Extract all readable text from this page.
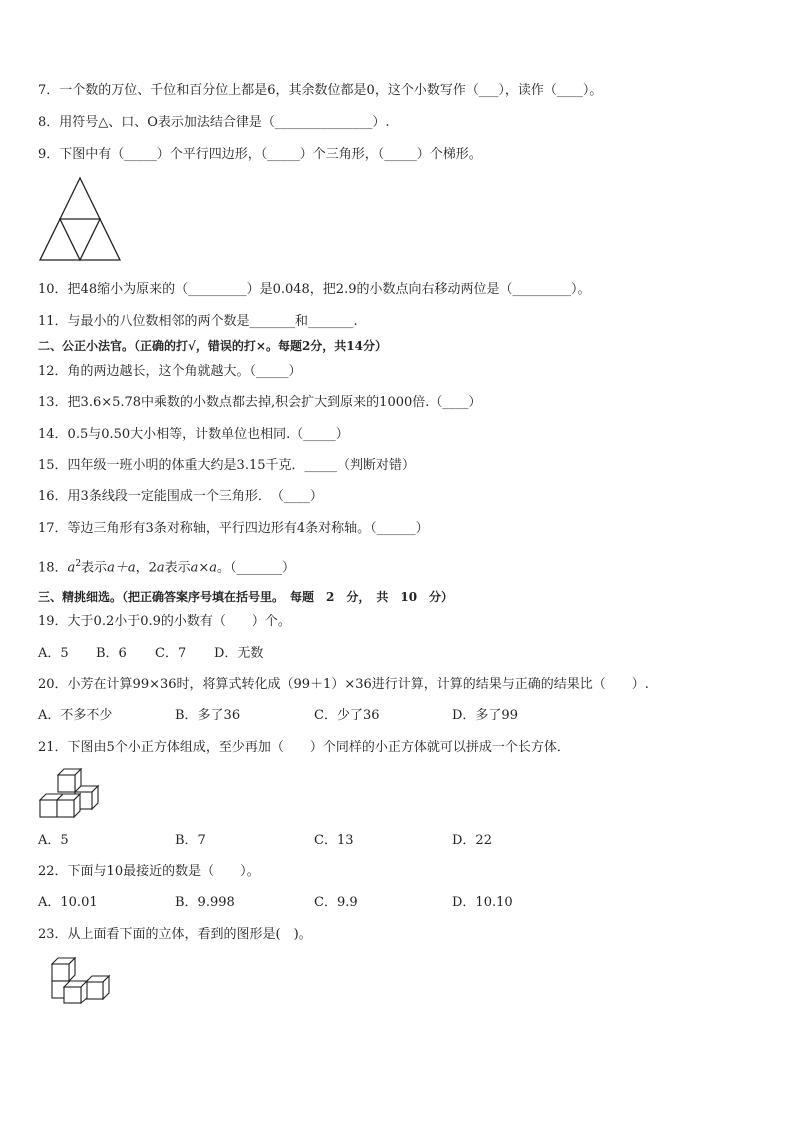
7．一个数的万位、千位和百分位上都是6，其余数位都是0，这个小数写作（___），读作（____）。
8．用符号△、口、O表示加法结合律是（_______________）.
9．下图中有（_____）个平行四边形，（_____）个三角形，（_____）个梯形。
10．把48缩小为原来的（_________）是0.048，把2.9的小数点向右移动两位是（_________）。
11．与最小的八位数相邻的两个数是_______和_______.
二、公正小法官。（正确的打√，错误的打×。每题2分，共14分）
12．角的两边越长，这个角就越大。（_____）
13．把3.6×5.78中乘数的小数点都去掉,积会扩大到原来的1000倍.（____）
14．0.5与0.50大小相等，计数单位也相同.（_____）
15．四年级一班小明的体重大约是3.15千克．_____（判断对错）
16．用3条线段一定能围成一个三角形．　（____）
17．等边三角形有3条对称轴，平行四边形有4条对称轴。（______）
18．$a^2$表示a＋a，2a表示a×a。（_______）
三、精挑细选。（把正确答案序号填在括号里。　每题　2　分，　共　10　分）
19．大于0.2小于0.9的小数有（　　）个。
A．5 B．6 C．7 D．无数
20．小芳在计算99×36时，将算式转化成（99＋1）×36进行计算，计算的结果与正确的结果比（　　）.
A．不多不少	B．多了36	C．少了36	D．多了99
21．下图由5个小正方体组成，至少再加（　　）个同样的小正方体就可以拼成一个长方体．
A．5	B．7	C．13	D．22
22．下面与10最接近的数是（　　）。
A．10.01	B．9.998	C．9.9	D．10.10
23．从上面看下面的立体，看到的图形是(　)。
